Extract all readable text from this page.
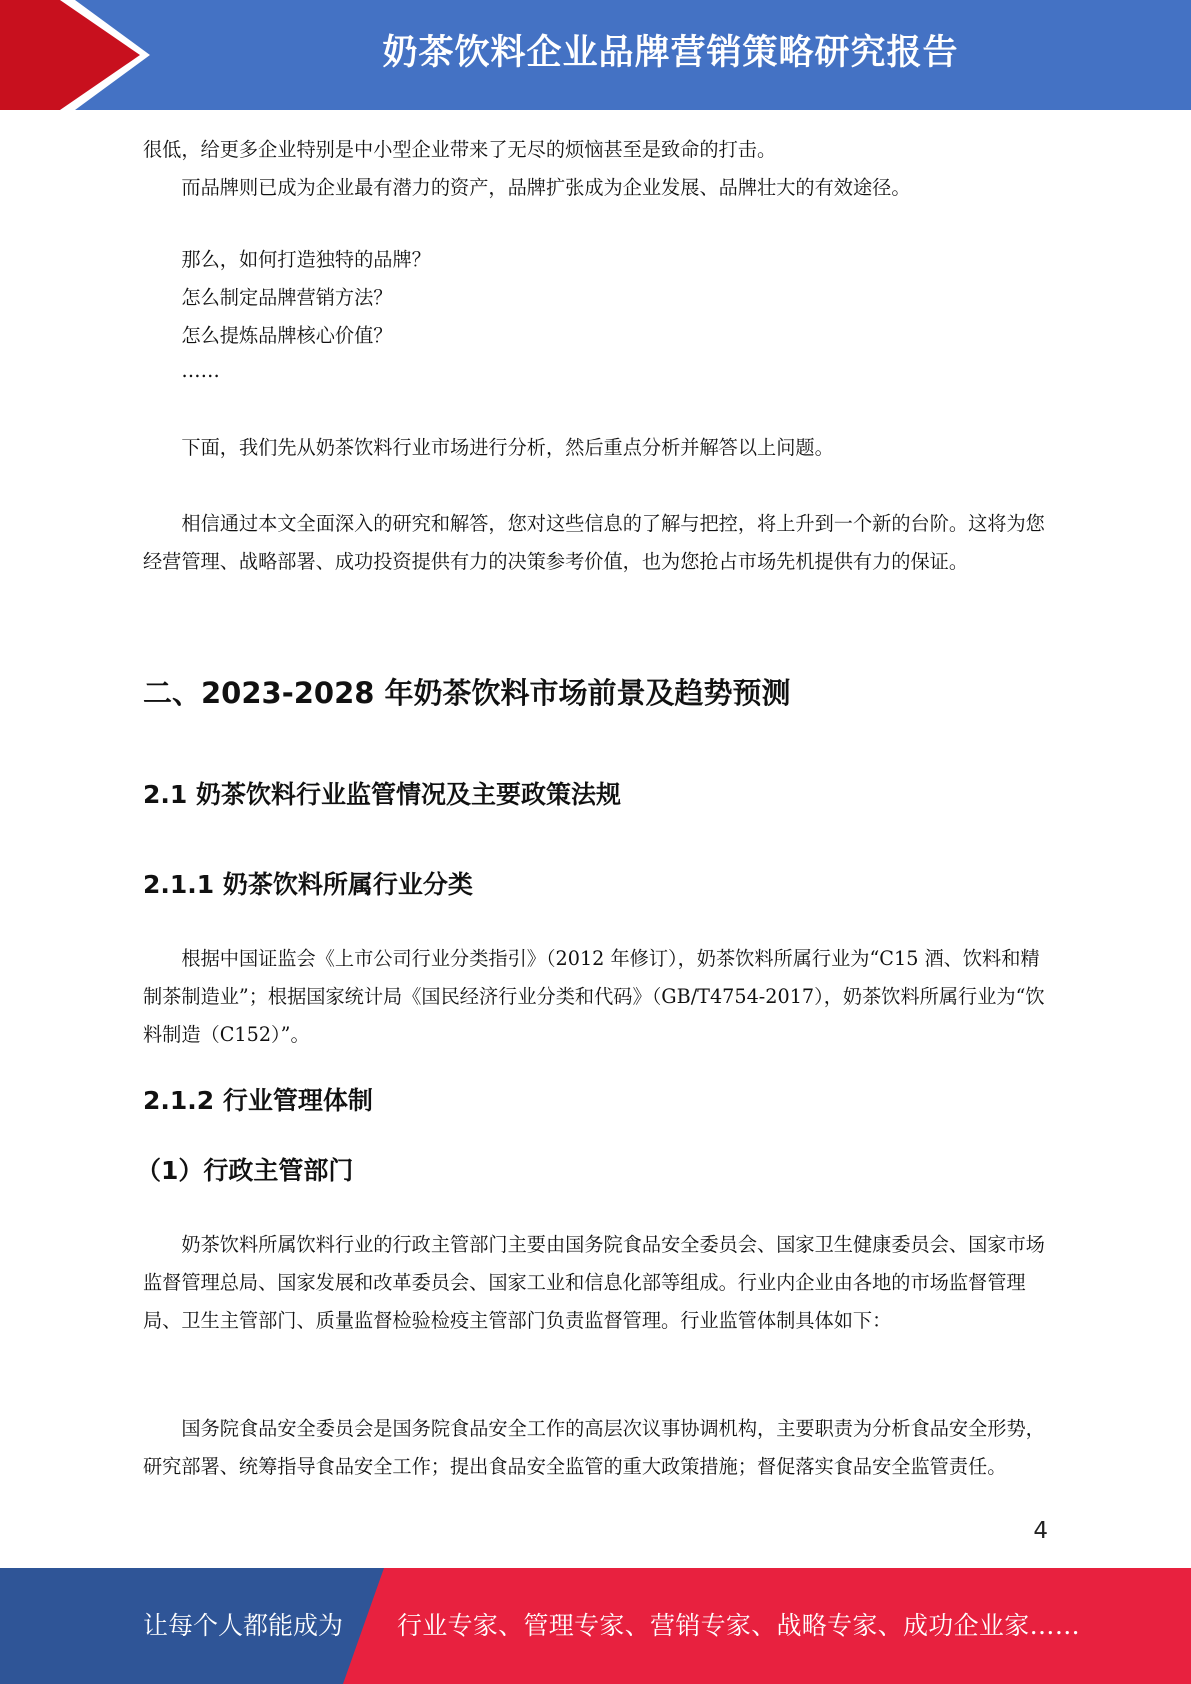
奶茶饮料企业品牌营销策略研究报告

很低，给更多企业特别是中小型企业带来了无尽的烦恼甚至是致命的打击。

而品牌则已成为企业最有潜力的资产，品牌扩张成为企业发展、品牌壮大的有效途径。

那么，如何打造独特的品牌？

怎么制定品牌营销方法？

怎么提炼品牌核心价值？

……

下面，我们先从奶茶饮料行业市场进行分析，然后重点分析并解答以上问题。

相信通过本文全面深入的研究和解答，您对这些信息的了解与把控，将上升到一个新的台阶。这将为您经营管理、战略部署、成功投资提供有力的决策参考价值，也为您抢占市场先机提供有力的保证。

二、2023-2028 年奶茶饮料市场前景及趋势预测
2.1 奶茶饮料行业监管情况及主要政策法规
2.1.1 奶茶饮料所属行业分类

根据中国证监会《上市公司行业分类指引》（2012 年修订），奶茶饮料所属行业为“C15 酒、饮料和精制茶制造业”；根据国家统计局《国民经济行业分类和代码》（GB/T4754-2017），奶茶饮料所属行业为“饮料制造（C152）”。

2.1.2 行业管理体制
（1）行政主管部门

奶茶饮料所属饮料行业的行政主管部门主要由国务院食品安全委员会、国家卫生健康委员会、国家市场监督管理总局、国家发展和改革委员会、国家工业和信息化部等组成。行业内企业由各地的市场监督管理局、卫生主管部门、质量监督检验检疫主管部门负责监督管理。行业监管体制具体如下：

国务院食品安全委员会是国务院食品安全工作的高层次议事协调机构，主要职责为分析食品安全形势，研究部署、统筹指导食品安全工作；提出食品安全监管的重大政策措施；督促落实食品安全监管责任。

4
让每个人都能成为 行业专家、管理专家、营销专家、战略专家、成功企业家……
